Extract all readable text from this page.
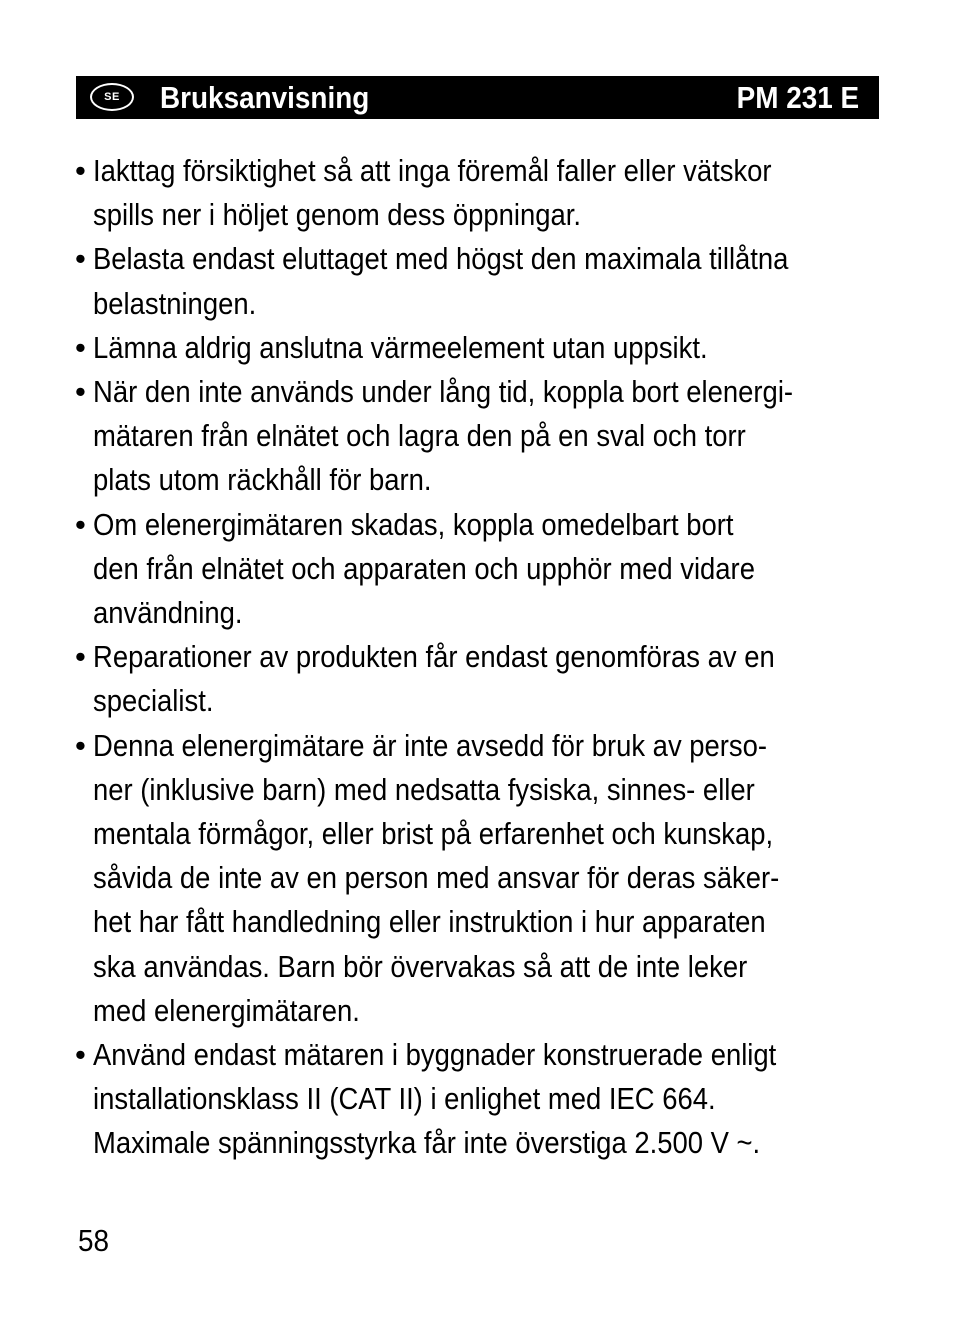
SE	Bruksanvisning	PM 231 E
• Iakttag försiktighet så att inga föremål faller eller vätskor
spills ner i höljet genom dess öppningar.
• Belasta endast eluttaget med högst den maximala tillåtna
belastningen.
• Lämna aldrig anslutna värmeelement utan uppsikt.
• När den inte används under lång tid, koppla bort elenergi-
mätaren från elnätet och lagra den på en sval och torr
plats utom räckhåll för barn.
• Om elenergimätaren skadas, koppla omedelbart bort
den från elnätet och apparaten och upphör med vidare
användning.
• Reparationer av produkten får endast genomföras av en
specialist.
• Denna elenergimätare är inte avsedd för bruk av perso-
ner (inklusive barn) med nedsatta fysiska, sinnes- eller
mentala förmågor, eller brist på erfarenhet och kunskap,
såvida de inte av en person med ansvar för deras säker-
het har fått handledning eller instruktion i hur apparaten
ska användas. Barn bör övervakas så att de inte leker
med elenergimätaren.
• Använd endast mätaren i byggnader konstruerade enligt
installationsklass II (CAT II) i enlighet med IEC 664.
Maximale spänningsstyrka får inte överstiga 2.500 V ~.
58
